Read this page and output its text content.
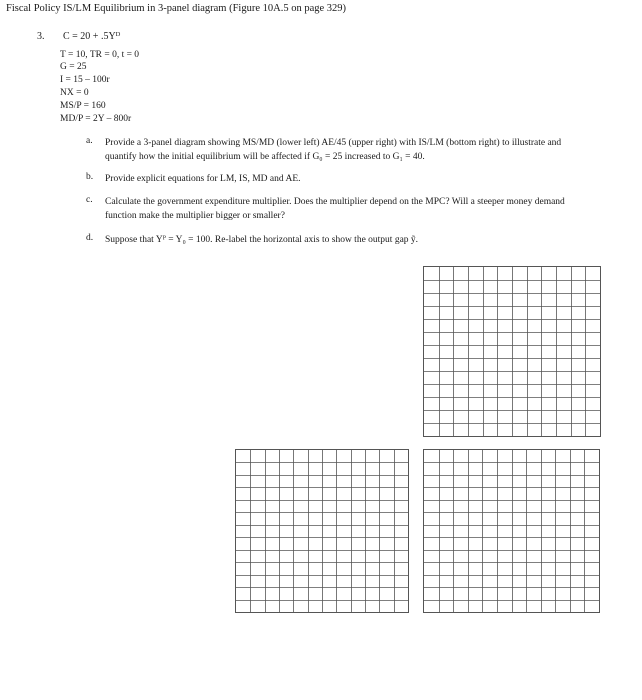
Fiscal Policy IS/LM Equilibrium in 3-panel diagram (Figure 10A.5 on page 329)
3. $C = 20 + .5Y^D$
T = 10, TR = 0, t = 0
G = 25
I = 15 – 100r
NX = 0
MS/P = 160
MD/P = 2Y – 800r
a. Provide a 3-panel diagram showing MS/MD (lower left) AE/45 (upper right) with IS/LM (bottom right) to illustrate and quantify how the initial equilibrium will be affected if G₀ = 25 increased to G₁ = 40.
b. Provide explicit equations for LM, IS, MD and AE.
c. Calculate the government expenditure multiplier. Does the multiplier depend on the MPC? Will a steeper money demand function make the multiplier bigger or smaller?
d. Suppose that Yᴾ = Y₀ = 100. Re-label the horizontal axis to show the output gap ỹ.
